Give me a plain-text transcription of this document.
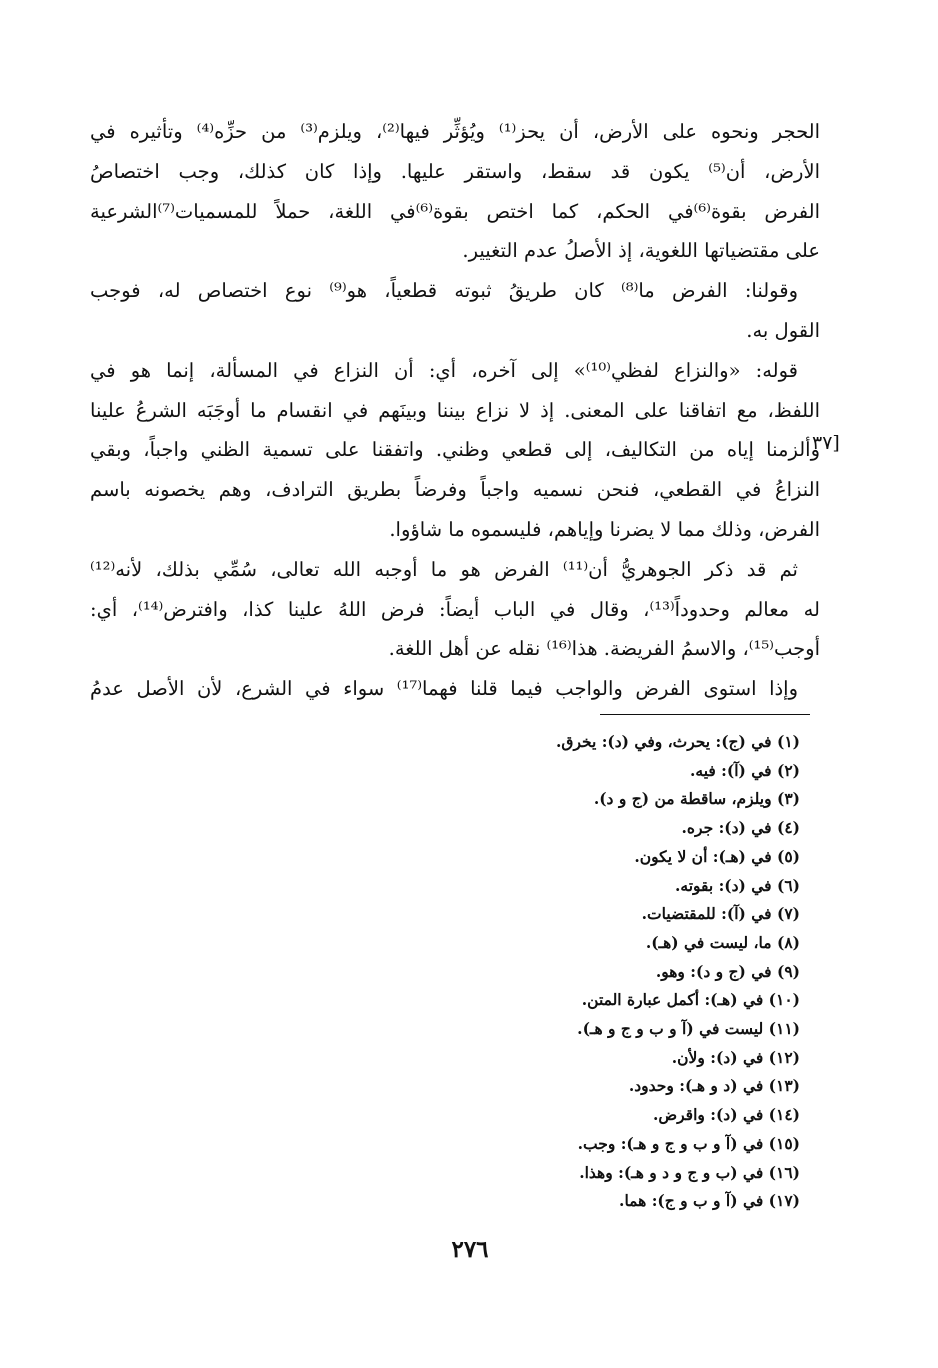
الحجر ونحوه على الأرض، أن يحز⁽¹⁾ ويُؤثِّر فيها⁽²⁾، ويلزم⁽³⁾ من حزِّه⁽⁴⁾ وتأثيره في
الأرض، أن⁽⁵⁾ يكون قد سقط، واستقر عليها. وإذا كان كذلك، وجب اختصاصُ
الفرض بقوة⁽⁶⁾في الحكم، كما اختص بقوة⁽⁶⁾في اللغة، حملاً للمسميات⁽⁷⁾الشرعية
على مقتضياتها اللغوية، إذ الأصلُ عدم التغيير.
وقولنا: الفرض ما⁽⁸⁾ كان طريقُ ثبوته قطعياً، هو⁽⁹⁾ نوع اختصاص له، فوجب
القول به.
قوله: «والنزاع لفظي⁽¹⁰⁾» إلى آخره، أي: أن النزاع في المسألة، إنما هو في
اللفظ، مع اتفاقنا على المعنى. إذ لا نزاع بيننا وبينَهم في انقسام ما أوجَبَه الشرعُ علينا
وألزمنا إياه من التكاليف، إلى قطعي وظني. واتفقنا على تسمية الظني واجباً، وبقي
النزاعُ في القطعي، فنحن نسميه واجباً وفرضاً بطريق الترادف، وهم يخصونه باسم
الفرض، وذلك مما لا يضرنا وإياهم، فليسموه ما شاؤوا.
ثم قد ذكر الجوهريُّ أن⁽¹¹⁾ الفرض هو ما أوجبه الله تعالى، سُمِّي بذلك، لأنه⁽¹²⁾
له معالم وحدوداً⁽¹³⁾، وقال في الباب أيضاً: فرض اللهُ علينا كذا، وافترض⁽¹⁴⁾، أي:
أوجب⁽¹⁵⁾، والاسمُ الفريضة. هذا⁽¹⁶⁾ نقله عن أهل اللغة.
وإذا استوى الفرض والواجب فيما قلنا فهما⁽¹⁷⁾ سواء في الشرع، لأن الأصل عدمُ
[٣٧
(١) في (ج): يحرث، وفي (د): يخرق.
(٢) في (آ): فيه.
(٣) ويلزم، ساقطة من (ج و د).
(٤) في (د): جره.
(٥) في (هـ): أن لا يكون.
(٦) في (د): بقوته.
(٧) في (آ): للمقتضيات.
(٨) ما، ليست في (هـ).
(٩) في (ج و د): وهو.
(١٠) في (هـ): أكمل عبارة المتن.
(١١) ليست في (آ و ب و ج و هـ).
(١٢) في (د): ولأن.
(١٣) في (د و هـ): وحدود.
(١٤) في (د): واقرض.
(١٥) في (آ و ب و ج و هـ): وجب.
(١٦) في (ب و ج و د و هـ): وهذا.
(١٧) في (آ و ب و ج): هما.
٢٧٦
